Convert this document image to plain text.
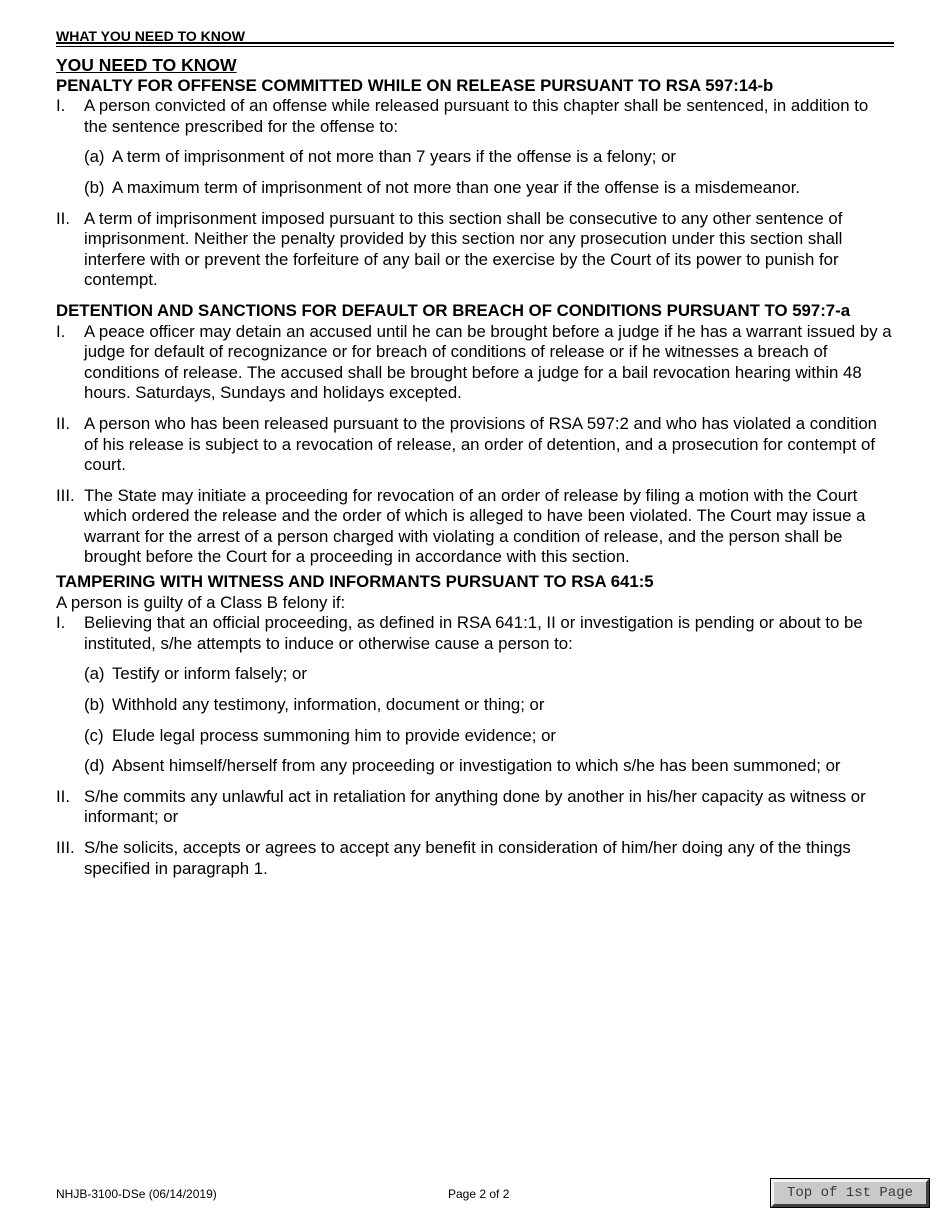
WHAT YOU NEED TO KNOW

YOU NEED TO KNOW

PENALTY FOR OFFENSE COMMITTED WHILE ON RELEASE PURSUANT TO RSA 597:14-b

I.	A person convicted of an offense while released pursuant to this chapter shall be sentenced, in addition to the sentence prescribed for the offense to:
(a) A term of imprisonment of not more than 7 years if the offense is a felony; or
(b) A maximum term of imprisonment of not more than one year if the offense is a misdemeanor.
II. A term of imprisonment imposed pursuant to this section shall be consecutive to any other sentence of imprisonment. Neither the penalty provided by this section nor any prosecution under this section shall interfere with or prevent the forfeiture of any bail or the exercise by the Court of its power to punish for contempt.

DETENTION AND SANCTIONS FOR DEFAULT OR BREACH OF CONDITIONS PURSUANT TO 597:7-a

I.	A peace officer may detain an accused until he can be brought before a judge if he has a warrant issued by a judge for default of recognizance or for breach of conditions of release or if he witnesses a breach of conditions of release. The accused shall be brought before a judge for a bail revocation hearing within 48 hours. Saturdays, Sundays and holidays excepted.
II. A person who has been released pursuant to the provisions of RSA 597:2 and who has violated a condition of his release is subject to a revocation of release, an order of detention, and a prosecution for contempt of court.
III. The State may initiate a proceeding for revocation of an order of release by filing a motion with the Court which ordered the release and the order of which is alleged to have been violated. The Court may issue a warrant for the arrest of a person charged with violating a condition of release, and the person shall be brought before the Court for a proceeding in accordance with this section.

TAMPERING WITH WITNESS AND INFORMANTS PURSUANT TO RSA 641:5

A person is guilty of a Class B felony if:

I.	Believing that an official proceeding, as defined in RSA 641:1, II or investigation is pending or about to be instituted, s/he attempts to induce or otherwise cause a person to:
(a) Testify or inform falsely; or
(b) Withhold any testimony, information, document or thing; or
(c) Elude legal process summoning him to provide evidence; or
(d) Absent himself/herself from any proceeding or investigation to which s/he has been summoned; or
II. S/he commits any unlawful act in retaliation for anything done by another in his/her capacity as witness or informant; or
III. S/he solicits, accepts or agrees to accept any benefit in consideration of him/her doing any of the things specified in paragraph 1.
NHJB-3100-DSe (06/14/2019)	Page 2 of 2	Top of 1st Page
